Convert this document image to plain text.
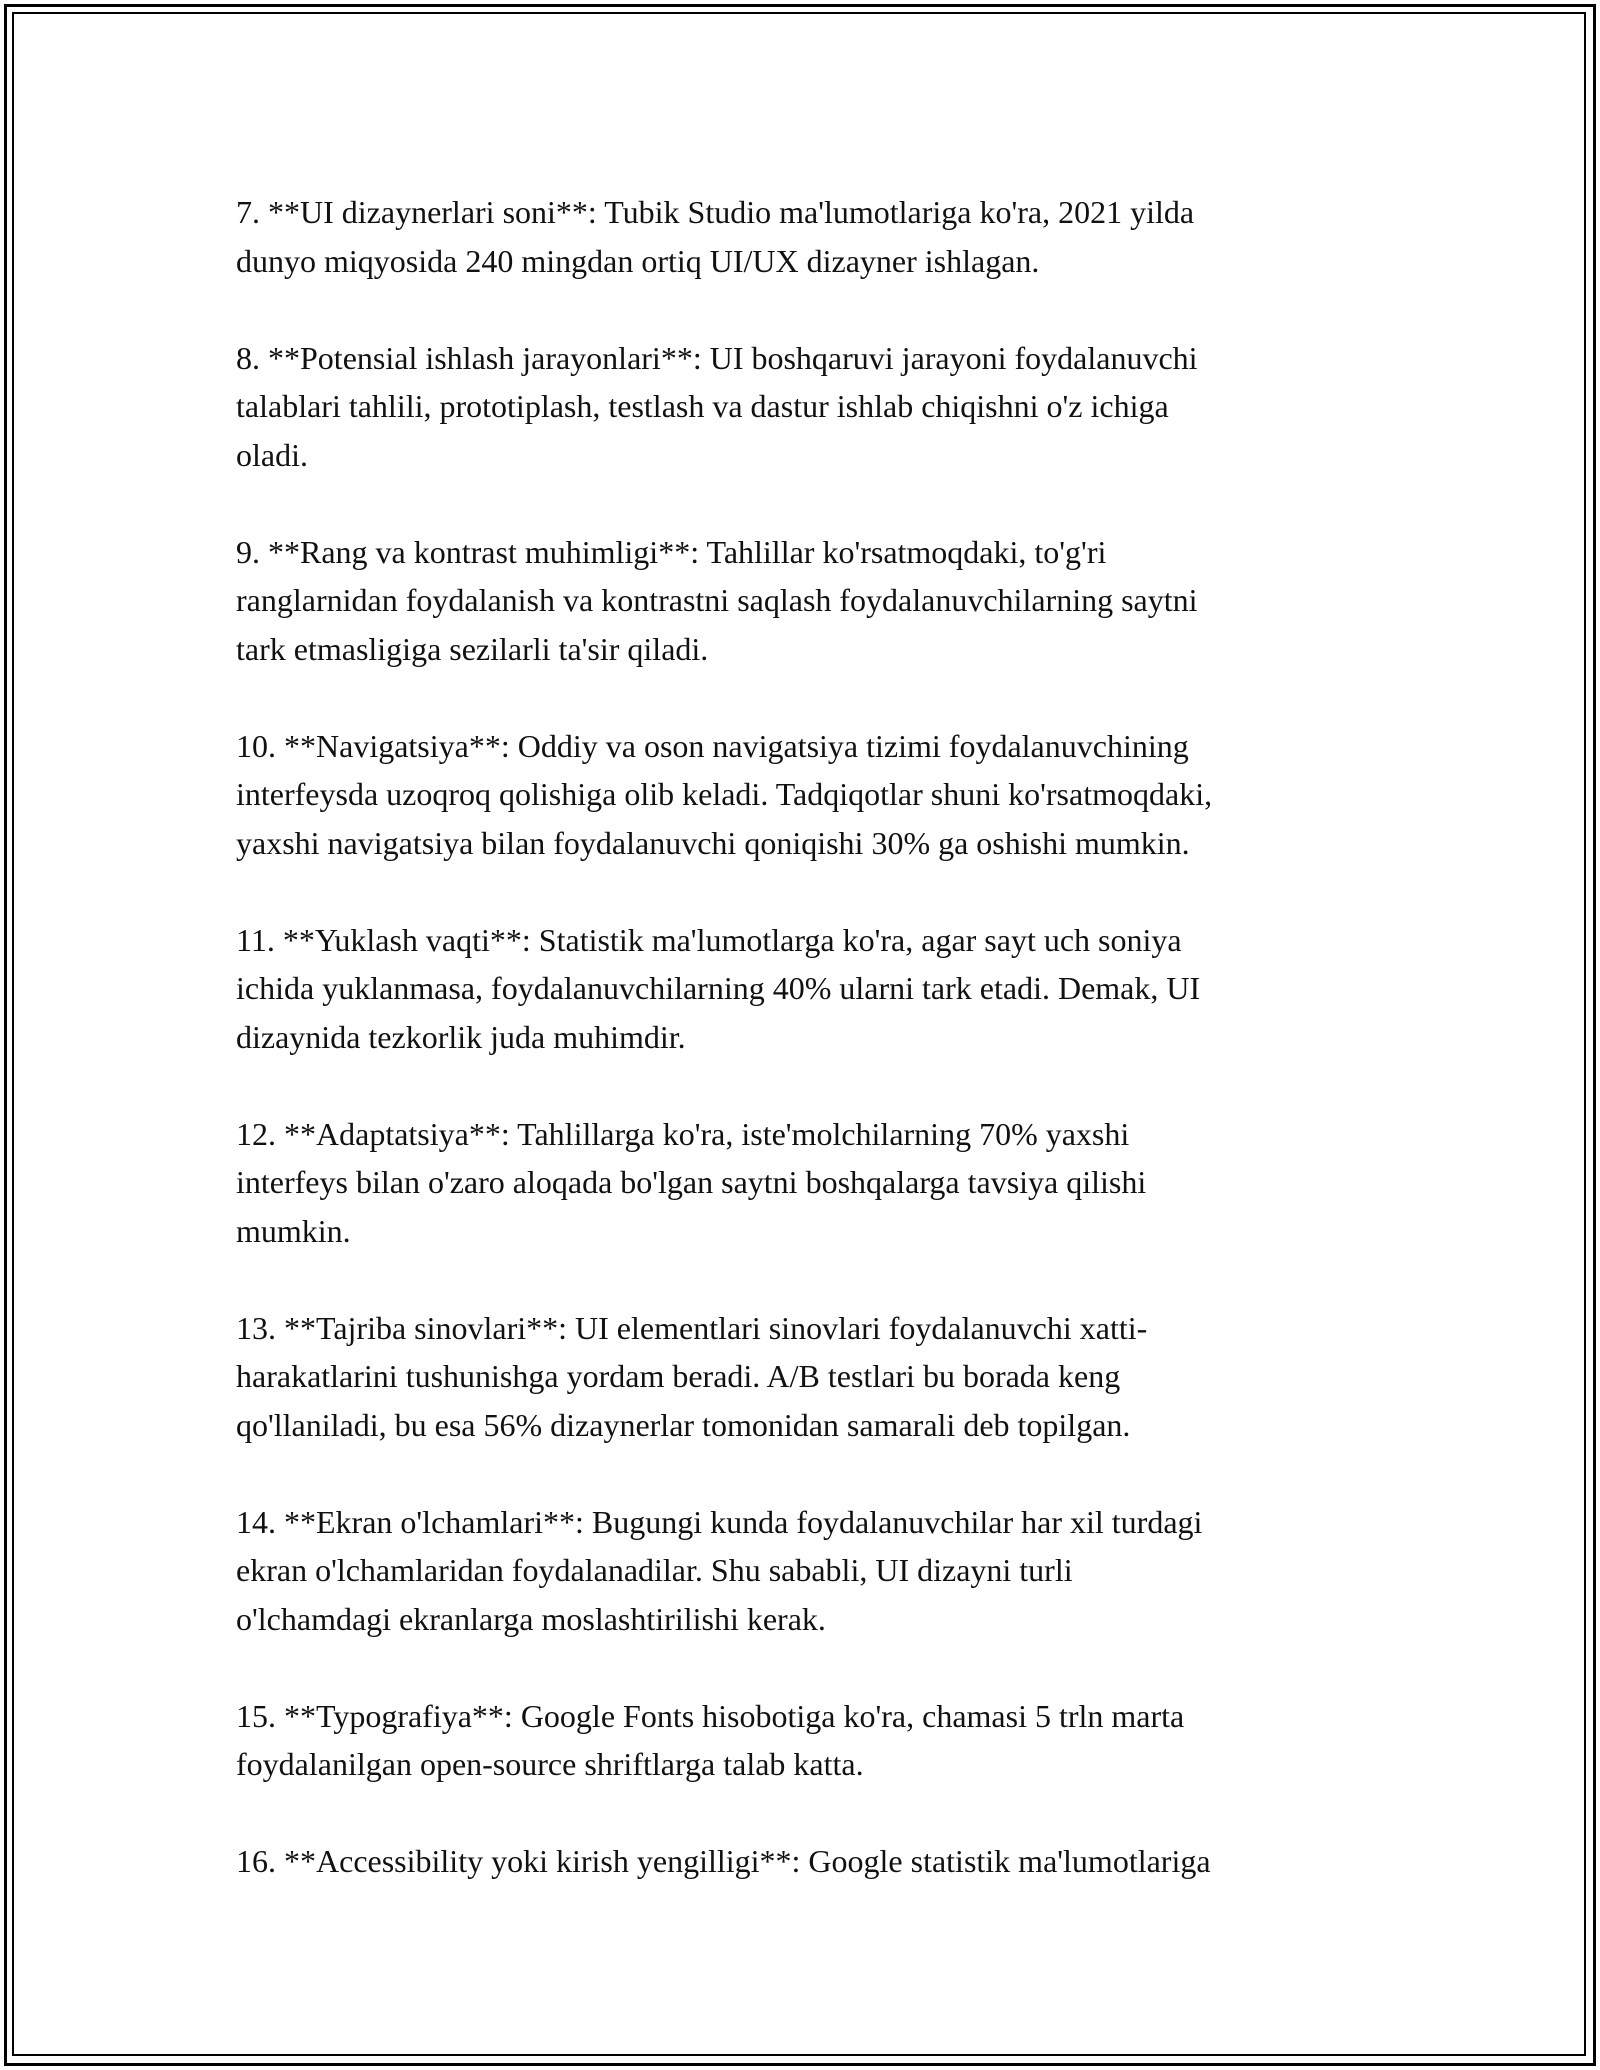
7. **UI dizaynerlari soni**: Tubik Studio ma'lumotlariga ko'ra, 2021 yilda
dunyo miqyosida 240 mingdan ortiq UI/UX dizayner ishlagan.

8. **Potensial ishlash jarayonlari**: UI boshqaruvi jarayoni foydalanuvchi
talablari tahlili, prototiplash, testlash va dastur ishlab chiqishni o'z ichiga
oladi.

9. **Rang va kontrast muhimligi**: Tahlillar ko'rsatmoqdaki, to'g'ri
ranglarnidan foydalanish va kontrastni saqlash foydalanuvchilarning saytni
tark etmasligiga sezilarli ta'sir qiladi.

10. **Navigatsiya**: Oddiy va oson navigatsiya tizimi foydalanuvchining
interfeysda uzoqroq qolishiga olib keladi. Tadqiqotlar shuni ko'rsatmoqdaki,
yaxshi navigatsiya bilan foydalanuvchi qoniqishi 30% ga oshishi mumkin.

11. **Yuklash vaqti**: Statistik ma'lumotlarga ko'ra, agar sayt uch soniya
ichida yuklanmasa, foydalanuvchilarning 40% ularni tark etadi. Demak, UI
dizaynida tezkorlik juda muhimdir.

12. **Adaptatsiya**: Tahlillarga ko'ra, iste'molchilarning 70% yaxshi
interfeys bilan o'zaro aloqada bo'lgan saytni boshqalarga tavsiya qilishi
mumkin.

13. **Tajriba sinovlari**: UI elementlari sinovlari foydalanuvchi xatti-
harakatlarini tushunishga yordam beradi. A/B testlari bu borada keng
qo'llaniladi, bu esa 56% dizaynerlar tomonidan samarali deb topilgan.

14. **Ekran o'lchamlari**: Bugungi kunda foydalanuvchilar har xil turdagi
ekran o'lchamlaridan foydalanadilar. Shu sababli, UI dizayni turli
o'lchamdagi ekranlarga moslashtirilishi kerak.

15. **Typografiya**: Google Fonts hisobotiga ko'ra, chamasi 5 trln marta
foydalanilgan open-source shriftlarga talab katta.

16. **Accessibility yoki kirish yengilligi**: Google statistik ma'lumotlariga
